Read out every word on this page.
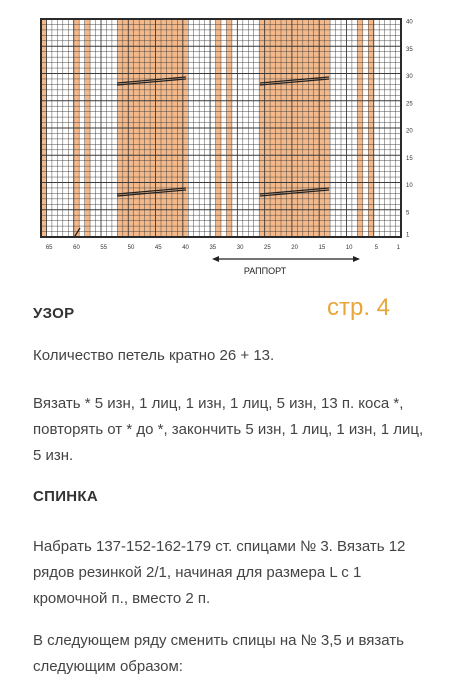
40
35
30
25
20
15
10
5
1
65	60	55	50	45	40	35	30	25	20	15	10	5	1
РАППОРТ
УЗОР	стр. 4
Количество петель кратно 26 + 13.
Вязать * 5 изн, 1 лиц, 1 изн, 1 лиц, 5 изн, 13 п. коса *, повторять от * до *, закончить 5 изн, 1 лиц, 1 изн, 1 лиц, 5 изн.
СПИНКА
Набрать 137-152-162-179 ст. спицами № 3. Вязать 12 рядов резинкой 2/1, начиная для размера L с 1 кромочной п., вместо 2 п.
В следующем ряду сменить спицы на № 3,5 и вязать следующим образом:
